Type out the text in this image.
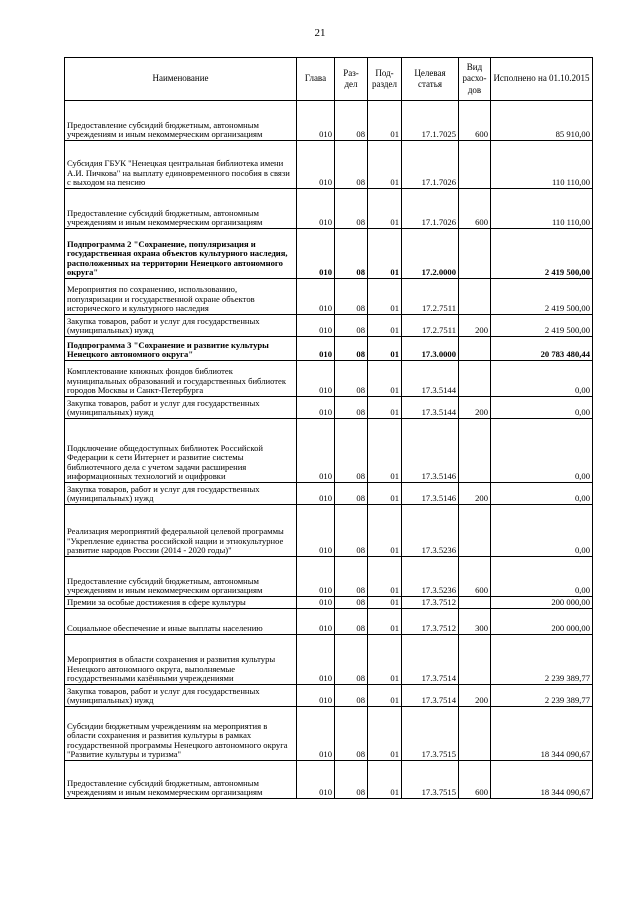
21
Наименование	Глава	Раз-дел	Под-раздел	Целевая статья	Вид расхо-дов	Исполнено на 01.10.2015
Предоставление субсидий бюджетным, автономным учреждениям и иным некоммерческим организациям	010	08	01	17.1.7025	600	85 910,00
Субсидия ГБУК "Ненецкая центральная библиотека имени А.И. Пичкова" на выплату единовременного пособия в связи с выходом на пенсию	010	08	01	17.1.7026		110 110,00
Предоставление субсидий бюджетным, автономным учреждениям и иным некоммерческим организациям	010	08	01	17.1.7026	600	110 110,00
Подпрограмма 2 "Сохранение, популяризация и государственная охрана объектов культурного наследия, расположенных на территории Ненецкого автономного округа"	010	08	01	17.2.0000		2 419 500,00
Мероприятия по сохранению, использованию, популяризации и государственной охране объектов исторического и культурного наследия	010	08	01	17.2.7511		2 419 500,00
Закупка товаров, работ и услуг для государственных (муниципальных) нужд	010	08	01	17.2.7511	200	2 419 500,00
Подпрограмма 3 "Сохранение и развитие культуры Ненецкого автономного округа"	010	08	01	17.3.0000		20 783 480,44
Комплектование книжных фондов библиотек муниципальных образований и государственных библиотек городов Москвы и Санкт-Петербурга	010	08	01	17.3.5144		0,00
Закупка товаров, работ и услуг для государственных (муниципальных) нужд	010	08	01	17.3.5144	200	0,00
Подключение общедоступных библиотек Российской Федерации к сети Интернет и развитие системы библиотечного дела с учетом задачи расширения информационных технологий и оцифровки	010	08	01	17.3.5146		0,00
Закупка товаров, работ и услуг для государственных (муниципальных) нужд	010	08	01	17.3.5146	200	0,00
Реализация мероприятий федеральной целевой программы "Укрепление единства российской нации и этнокультурное развитие народов России (2014 - 2020 годы)"	010	08	01	17.3.5236		0,00
Предоставление субсидий бюджетным, автономным учреждениям и иным некоммерческим организациям	010	08	01	17.3.5236	600	0,00
Премии за особые достижения в сфере культуры	010	08	01	17.3.7512		200 000,00
Социальное обеспечение и иные выплаты населению	010	08	01	17.3.7512	300	200 000,00
Мероприятия в области сохранения и развития культуры Ненецкого автономного округа, выполняемые государственными казёнными учреждениями	010	08	01	17.3.7514		2 239 389,77
Закупка товаров, работ и услуг для государственных (муниципальных) нужд	010	08	01	17.3.7514	200	2 239 389,77
Субсидии бюджетным учреждениям на мероприятия в области сохранения и развития культуры в рамках государственной программы Ненецкого автономного округа "Развитие культуры и туризма"	010	08	01	17.3.7515		18 344 090,67
Предоставление субсидий бюджетным, автономным учреждениям и иным некоммерческим организациям	010	08	01	17.3.7515	600	18 344 090,67
